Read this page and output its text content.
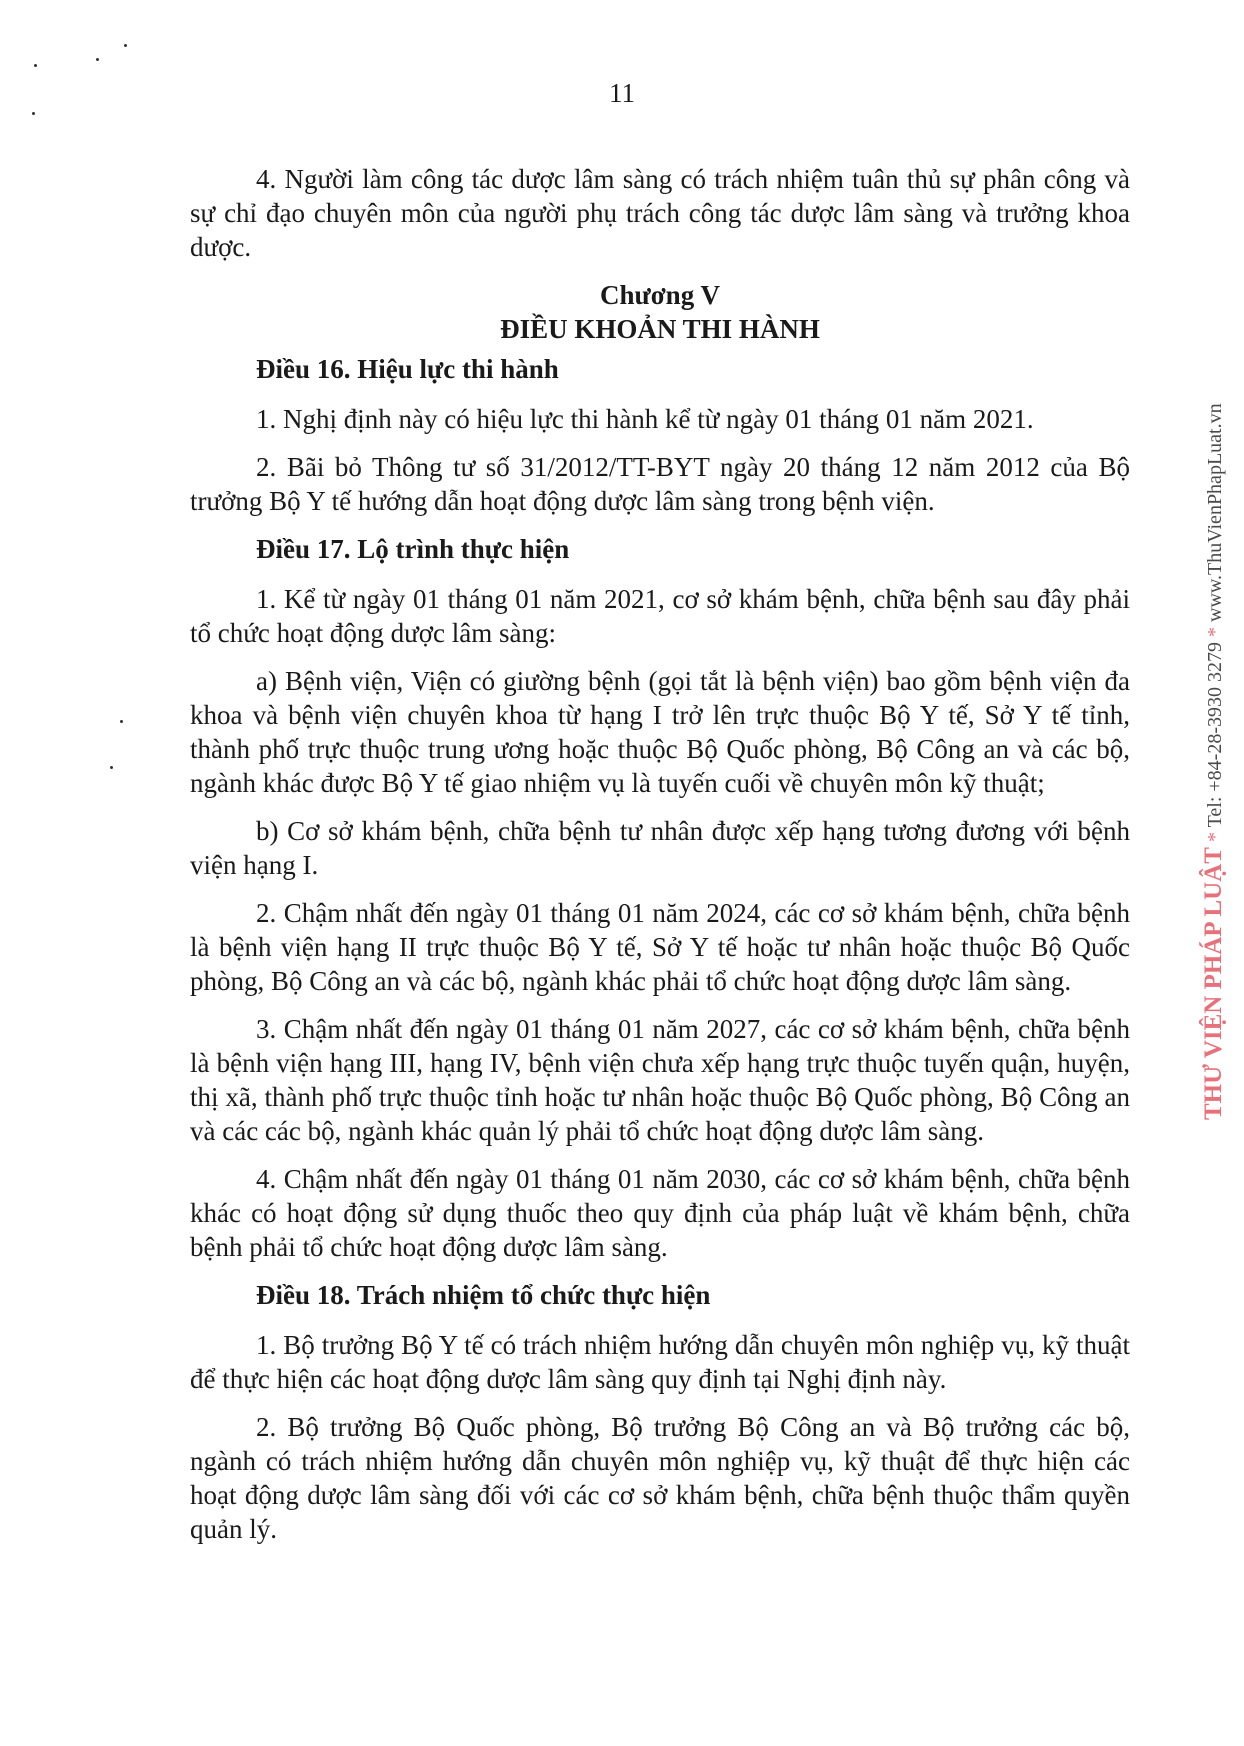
11

4. Người làm công tác dược lâm sàng có trách nhiệm tuân thủ sự phân công và sự chỉ đạo chuyên môn của người phụ trách công tác dược lâm sàng và trưởng khoa dược.

Chương V
ĐIỀU KHOẢN THI HÀNH
Điều 16. Hiệu lực thi hành

1. Nghị định này có hiệu lực thi hành kể từ ngày 01 tháng 01 năm 2021.

2. Bãi bỏ Thông tư số 31/2012/TT-BYT ngày 20 tháng 12 năm 2012 của Bộ trưởng Bộ Y tế hướng dẫn hoạt động dược lâm sàng trong bệnh viện.

Điều 17. Lộ trình thực hiện

1. Kể từ ngày 01 tháng 01 năm 2021, cơ sở khám bệnh, chữa bệnh sau đây phải tổ chức hoạt động dược lâm sàng:

a) Bệnh viện, Viện có giường bệnh (gọi tắt là bệnh viện) bao gồm bệnh viện đa khoa và bệnh viện chuyên khoa từ hạng I trở lên trực thuộc Bộ Y tế, Sở Y tế tỉnh, thành phố trực thuộc trung ương hoặc thuộc Bộ Quốc phòng, Bộ Công an và các bộ, ngành khác được Bộ Y tế giao nhiệm vụ là tuyến cuối về chuyên môn kỹ thuật;

b) Cơ sở khám bệnh, chữa bệnh tư nhân được xếp hạng tương đương với bệnh viện hạng I.

2. Chậm nhất đến ngày 01 tháng 01 năm 2024, các cơ sở khám bệnh, chữa bệnh là bệnh viện hạng II trực thuộc Bộ Y tế, Sở Y tế hoặc tư nhân hoặc thuộc Bộ Quốc phòng, Bộ Công an và các bộ, ngành khác phải tổ chức hoạt động dược lâm sàng.

3. Chậm nhất đến ngày 01 tháng 01 năm 2027, các cơ sở khám bệnh, chữa bệnh là bệnh viện hạng III, hạng IV, bệnh viện chưa xếp hạng trực thuộc tuyến quận, huyện, thị xã, thành phố trực thuộc tỉnh hoặc tư nhân hoặc thuộc Bộ Quốc phòng, Bộ Công an và các các bộ, ngành khác quản lý phải tổ chức hoạt động dược lâm sàng.

4. Chậm nhất đến ngày 01 tháng 01 năm 2030, các cơ sở khám bệnh, chữa bệnh khác có hoạt động sử dụng thuốc theo quy định của pháp luật về khám bệnh, chữa bệnh phải tổ chức hoạt động dược lâm sàng.

Điều 18. Trách nhiệm tổ chức thực hiện

1. Bộ trưởng Bộ Y tế có trách nhiệm hướng dẫn chuyên môn nghiệp vụ, kỹ thuật để thực hiện các hoạt động dược lâm sàng quy định tại Nghị định này.

2. Bộ trưởng Bộ Quốc phòng, Bộ trưởng Bộ Công an và Bộ trưởng các bộ, ngành có trách nhiệm hướng dẫn chuyên môn nghiệp vụ, kỹ thuật để thực hiện các hoạt động dược lâm sàng đối với các cơ sở khám bệnh, chữa bệnh thuộc thẩm quyền quản lý.

THƯ VIỆN PHÁP LUẬT * Tel: +84-28-3930 3279 * www.ThuVienPhapLuat.vn
